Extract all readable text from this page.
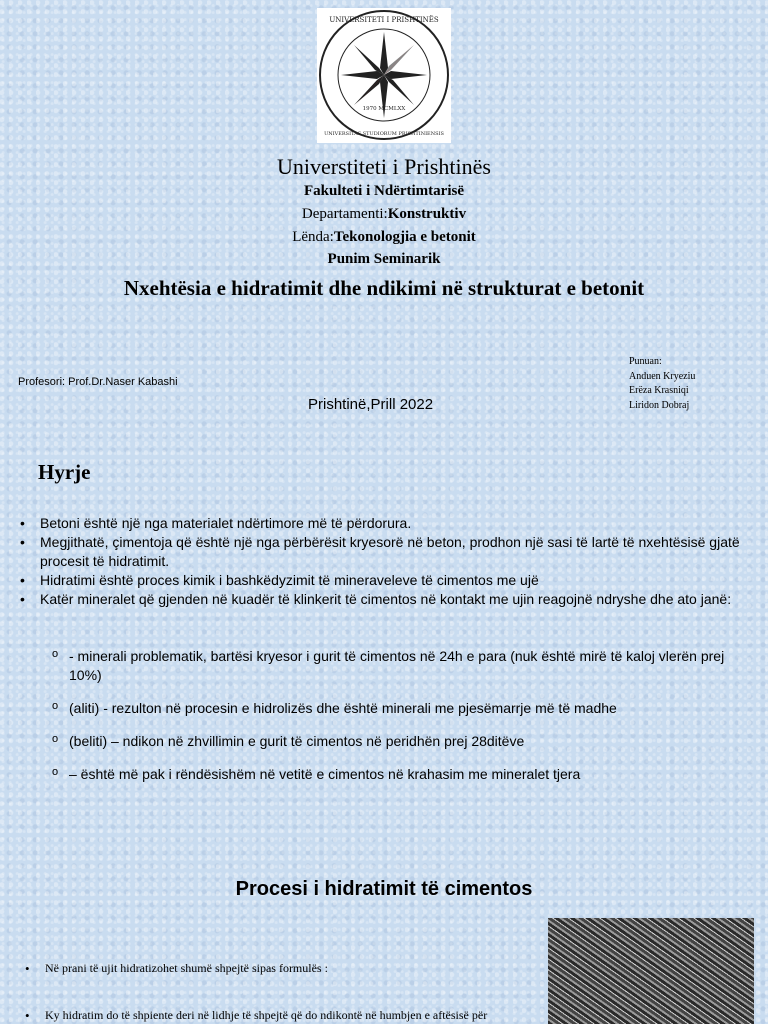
1970 MCMLXX
UNIVERSITETI I PRISHTINËS
UNIVERSITAS STUDIORUM PRISHTINIENSIS
Universtiteti i Prishtinës
Fakulteti i Ndërtimtarisë
Departamenti:Konstruktiv
Lënda:Tekonologjia e betonit
Punim Seminarik
Nxehtësia e hidratimit dhe ndikimi në strukturat e betonit
Profesori: Prof.Dr.Naser Kabashi
Prishtinë,Prill 2022
Punuan:
Anduen Kryeziu
Erëza Krasniqi
Liridon Dobraj
Hyrje
• Betoni është një nga materialet ndërtimore më të përdorura.
• Megjithatë, çimentoja që është një nga përbërësit kryesorë në beton, prodhon një sasi të lartë të nxehtësisë gjatë procesit të hidratimit.
• Hidratimi është proces kimik i bashkëdyzimit të mineraveleve të cimentos me ujë
• Katër mineralet që gjenden në kuadër të klinkerit të cimentos në kontakt me ujin reagojnë ndryshe dhe ato janë:
o - minerali problematik, bartësi kryesor i gurit të cimentos në 24h e para (nuk është mirë të kaloj vlerën prej 10%)
o (aliti) - rezulton në procesin e hidrolizës dhe është minerali me pjesëmarrje më të madhe
o (beliti) – ndikon në zhvillimin e gurit të cimentos në peridhën prej 28ditëve
o – është më pak i rëndësishëm në vetitë e cimentos në krahasim me mineralet tjera
Procesi i hidratimit të cimentos
• Në prani të ujit hidratizohet shumë shpejtë sipas formulës :
• Ky hidratim do të shpiente deri në lidhje të shpejtë që do ndikontë në humbjen e aftësisë për
